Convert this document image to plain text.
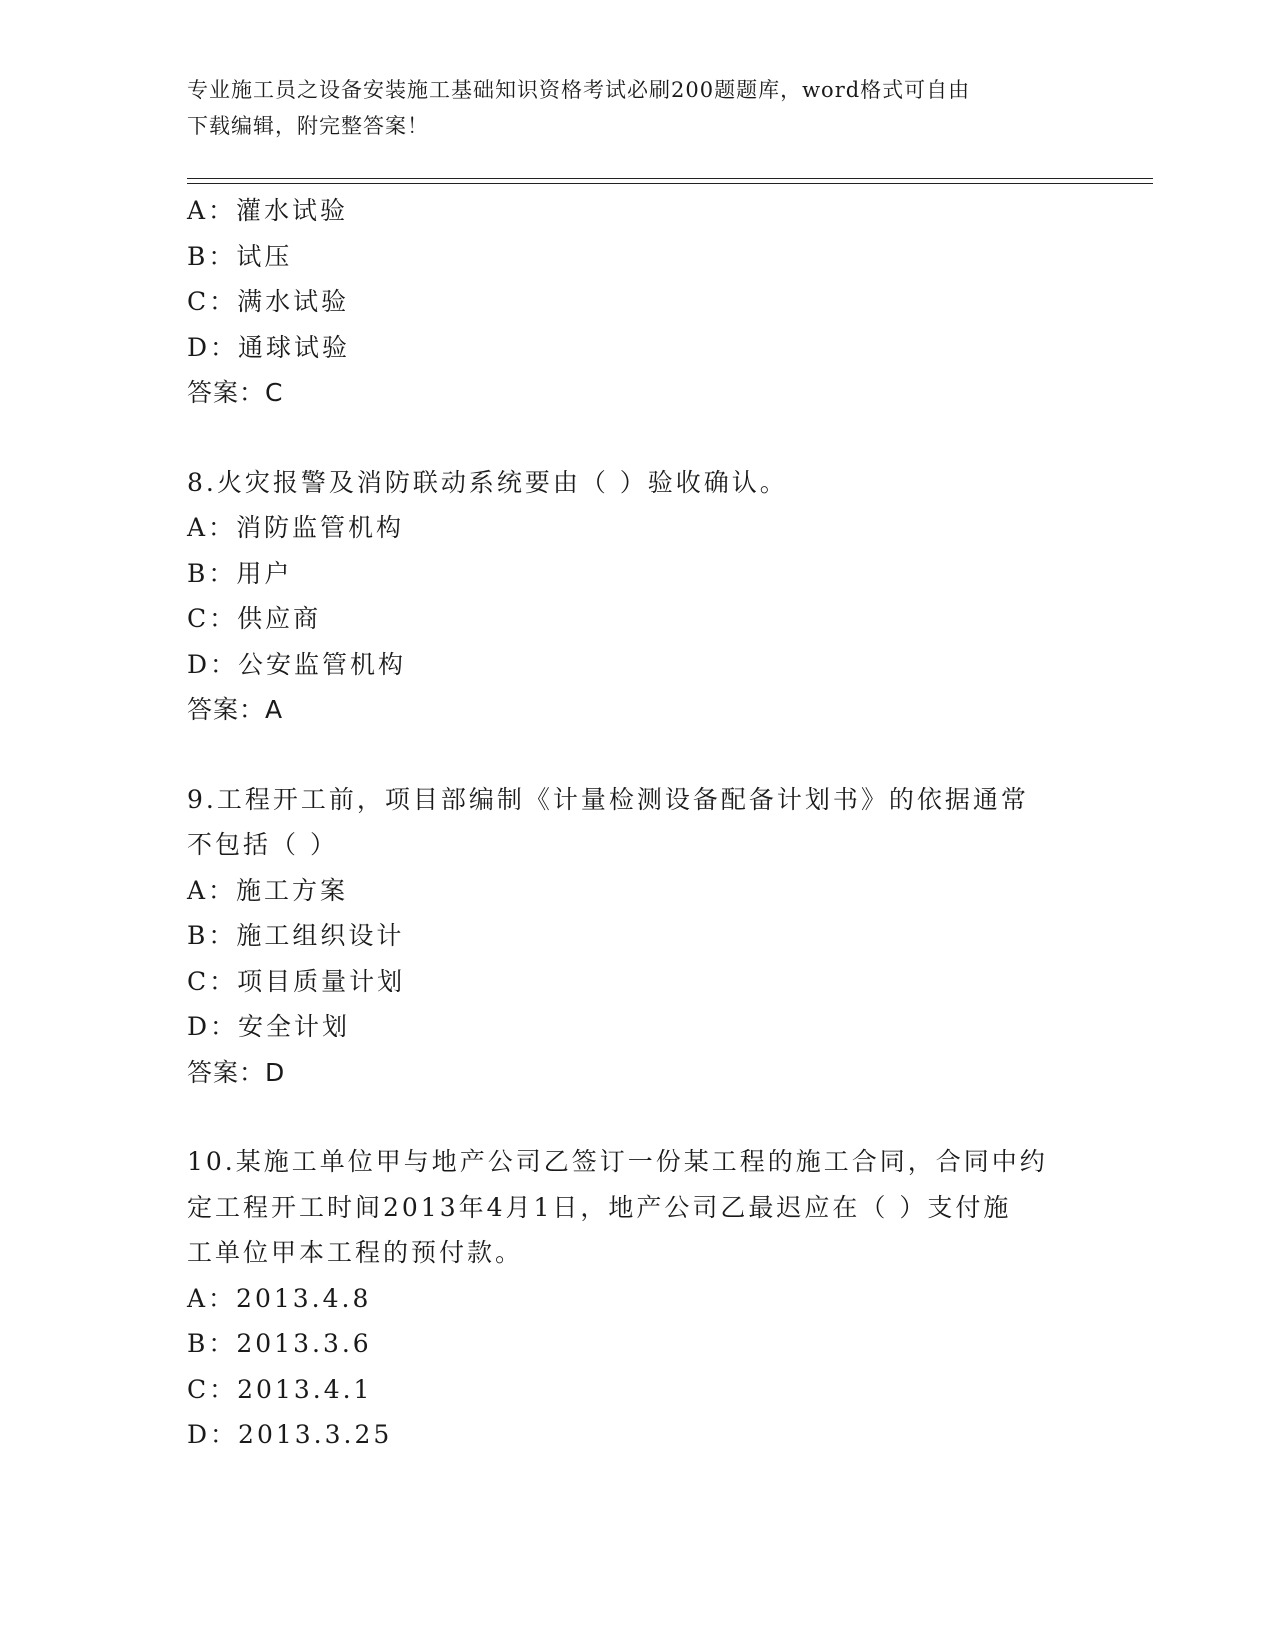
专业施工员之设备安装施工基础知识资格考试必刷200题题库，word格式可自由
下载编辑，附完整答案！
A：灌水试验
B：试压
C：满水试验
D：通球试验
答案：C
8.火灾报警及消防联动系统要由（ ）验收确认。
A：消防监管机构
B：用户
C：供应商
D：公安监管机构
答案：A
9.工程开工前，项目部编制《计量检测设备配备计划书》的依据通常
不包括（ ）
A：施工方案
B：施工组织设计
C：项目质量计划
D：安全计划
答案：D
10.某施工单位甲与地产公司乙签订一份某工程的施工合同，合同中约
定工程开工时间2013年4月1日，地产公司乙最迟应在（ ）支付施
工单位甲本工程的预付款。
A：2013.4.8
B：2013.3.6
C：2013.4.1
D：2013.3.25
